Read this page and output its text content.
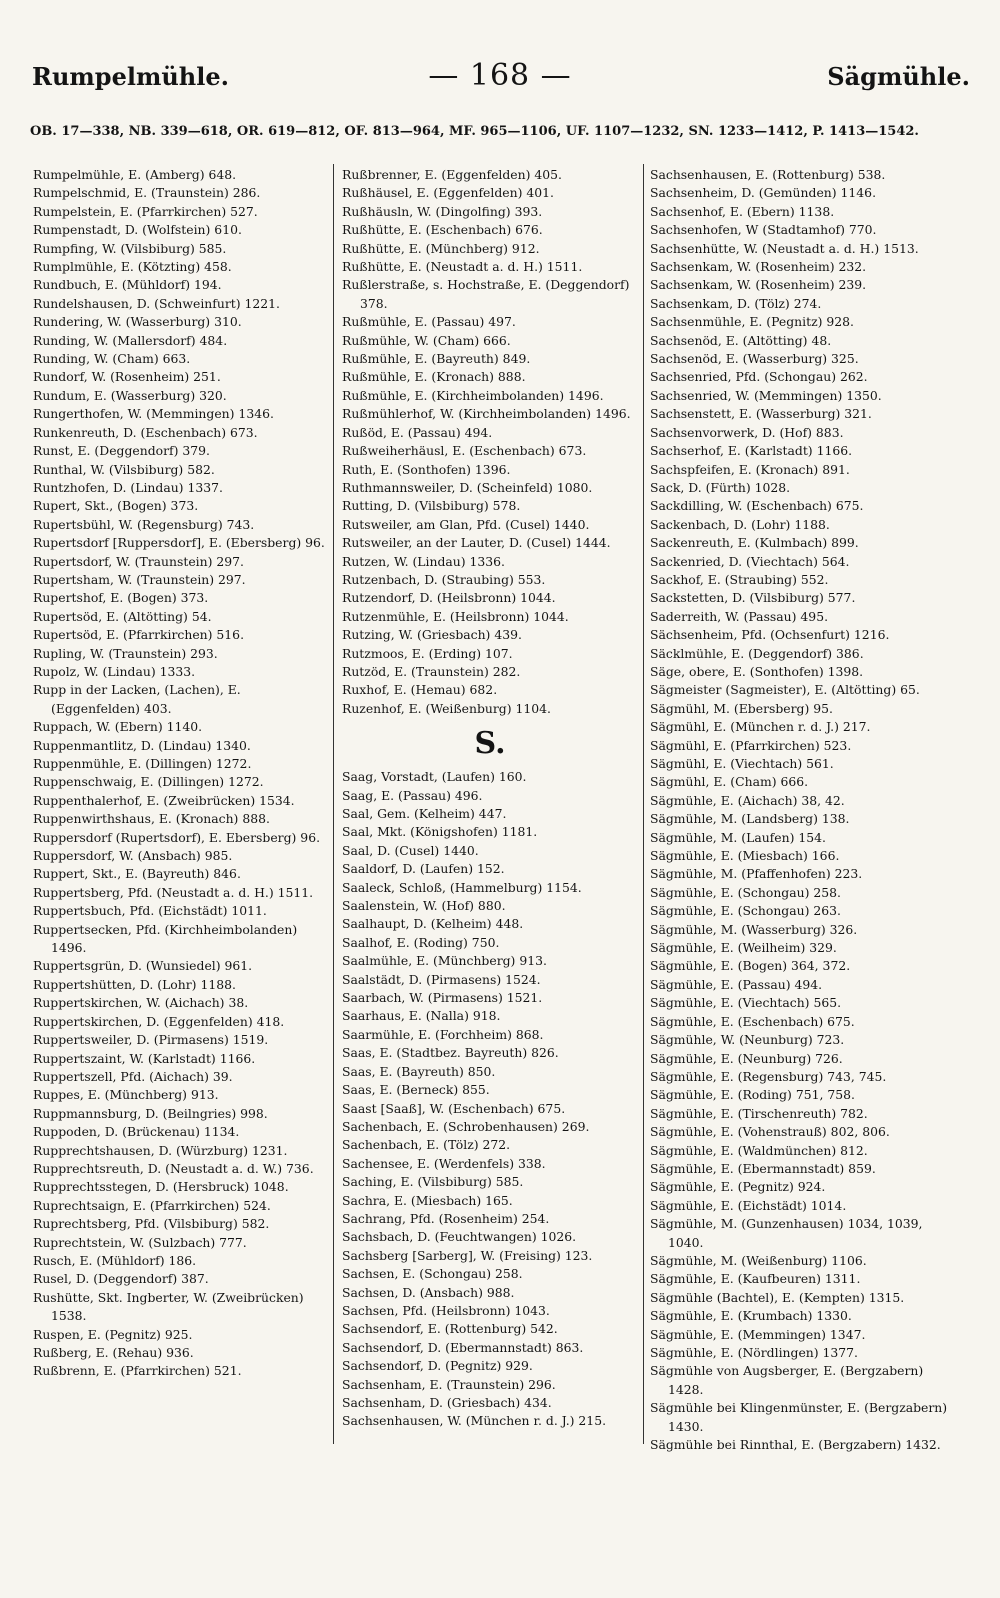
Rumpelmühle.	— 168 —	Sägmühle.
OB. 17—338, NB. 339—618, OR. 619—812, OF. 813—964, MF. 965—1106, UF. 1107—1232, SN. 1233—1412, P. 1413—1542.
Rumpelmühle, E. (Amberg) 648.
Rumpelschmid, E. (Traunstein) 286.
Rumpelstein, E. (Pfarrkirchen) 527.
Rumpenstadt, D. (Wolfstein) 610.
Rumpfing, W. (Vilsbiburg) 585.
Rumplmühle, E. (Kötzting) 458.
Rundbuch, E. (Mühldorf) 194.
Rundelshausen, D. (Schweinfurt) 1221.
Rundering, W. (Wasserburg) 310.
Runding, W. (Mallersdorf) 484.
Runding, W. (Cham) 663.
Rundorf, W. (Rosenheim) 251.
Rundum, E. (Wasserburg) 320.
Rungerthofen, W. (Memmingen) 1346.
Runkenreuth, D. (Eschenbach) 673.
Runst, E. (Deggendorf) 379.
Runthal, W. (Vilsbiburg) 582.
Runtzhofen, D. (Lindau) 1337.
Rupert, Skt., (Bogen) 373.
Rupertsbühl, W. (Regensburg) 743.
Rupertsdorf [Ruppersdorf], E. (Ebersberg) 96.
Rupertsdorf, W. (Traunstein) 297.
Rupertsham, W. (Traunstein) 297.
Rupertshof, E. (Bogen) 373.
Rupertsöd, E. (Altötting) 54.
Rupertsöd, E. (Pfarrkirchen) 516.
Rupling, W. (Traunstein) 293.
Rupolz, W. (Lindau) 1333.
Rupp in der Lacken, (Lachen), E. (Eggenfelden) 403.
Ruppach, W. (Ebern) 1140.
Ruppenmantlitz, D. (Lindau) 1340.
Ruppenmühle, E. (Dillingen) 1272.
Ruppenschwaig, E. (Dillingen) 1272.
Ruppenthalerhof, E. (Zweibrücken) 1534.
Ruppenwirthshaus, E. (Kronach) 888.
Ruppersdorf (Rupertsdorf), E. Ebersberg) 96.
Ruppersdorf, W. (Ansbach) 985.
Ruppert, Skt., E. (Bayreuth) 846.
Ruppertsberg, Pfd. (Neustadt a. d. H.) 1511.
Ruppertsbuch, Pfd. (Eichstädt) 1011.
Ruppertsecken, Pfd. (Kirchheimbolanden) 1496.
Ruppertsgrün, D. (Wunsiedel) 961.
Ruppertshütten, D. (Lohr) 1188.
Ruppertskirchen, W. (Aichach) 38.
Ruppertskirchen, D. (Eggenfelden) 418.
Ruppertsweiler, D. (Pirmasens) 1519.
Ruppertszaint, W. (Karlstadt) 1166.
Ruppertszell, Pfd. (Aichach) 39.
Ruppes, E. (Münchberg) 913.
Ruppmannsburg, D. (Beilngries) 998.
Ruppoden, D. (Brückenau) 1134.
Rupprechtshausen, D. (Würzburg) 1231.
Rupprechtsreuth, D. (Neustadt a. d. W.) 736.
Rupprechtsstegen, D. (Hersbruck) 1048.
Ruprechtsaign, E. (Pfarrkirchen) 524.
Ruprechtsberg, Pfd. (Vilsbiburg) 582.
Ruprechtstein, W. (Sulzbach) 777.
Rusch, E. (Mühldorf) 186.
Rusel, D. (Deggendorf) 387.
Rushütte, Skt. Ingberter, W. (Zweibrücken) 1538.
Ruspen, E. (Pegnitz) 925.
Rußberg, E. (Rehau) 936.
Rußbrenn, E. (Pfarrkirchen) 521.
Rußbrenner, E. (Eggenfelden) 405.
Rußhäusel, E. (Eggenfelden) 401.
Rußhäusln, W. (Dingolfing) 393.
Rußhütte, E. (Eschenbach) 676.
Rußhütte, E. (Münchberg) 912.
Rußhütte, E. (Neustadt a. d. H.) 1511.
Rußlerstraße, s. Hochstraße, E. (Deggendorf) 378.
Rußmühle, E. (Passau) 497.
Rußmühle, W. (Cham) 666.
Rußmühle, E. (Bayreuth) 849.
Rußmühle, E. (Kronach) 888.
Rußmühle, E. (Kirchheimbolanden) 1496.
Rußmühlerhof, W. (Kirchheimbolanden) 1496.
Rußöd, E. (Passau) 494.
Rußweiherhäusl, E. (Eschenbach) 673.
Ruth, E. (Sonthofen) 1396.
Ruthmannsweiler, D. (Scheinfeld) 1080.
Rutting, D. (Vilsbiburg) 578.
Rutsweiler, am Glan, Pfd. (Cusel) 1440.
Rutsweiler, an der Lauter, D. (Cusel) 1444.
Rutzen, W. (Lindau) 1336.
Rutzenbach, D. (Straubing) 553.
Rutzendorf, D. (Heilsbronn) 1044.
Rutzenmühle, E. (Heilsbronn) 1044.
Rutzing, W. (Griesbach) 439.
Rutzmoos, E. (Erding) 107.
Rutzöd, E. (Traunstein) 282.
Ruxhof, E. (Hemau) 682.
Ruzenhof, E. (Weißenburg) 1104.
S.
Saag, Vorstadt, (Laufen) 160.
Saag, E. (Passau) 496.
Saal, Gem. (Kelheim) 447.
Saal, Mkt. (Königshofen) 1181.
Saal, D. (Cusel) 1440.
Saaldorf, D. (Laufen) 152.
Saaleck, Schloß, (Hammelburg) 1154.
Saalenstein, W. (Hof) 880.
Saalhaupt, D. (Kelheim) 448.
Saalhof, E. (Roding) 750.
Saalmühle, E. (Münchberg) 913.
Saalstädt, D. (Pirmasens) 1524.
Saarbach, W. (Pirmasens) 1521.
Saarhaus, E. (Nalla) 918.
Saarmühle, E. (Forchheim) 868.
Saas, E. (Stadtbez. Bayreuth) 826.
Saas, E. (Bayreuth) 850.
Saas, E. (Berneck) 855.
Saast [Saaß], W. (Eschenbach) 675.
Sachenbach, E. (Schrobenhausen) 269.
Sachenbach, E. (Tölz) 272.
Sachensee, E. (Werdenfels) 338.
Saching, E. (Vilsbiburg) 585.
Sachra, E. (Miesbach) 165.
Sachrang, Pfd. (Rosenheim) 254.
Sachsbach, D. (Feuchtwangen) 1026.
Sachsberg [Sarberg], W. (Freising) 123.
Sachsen, E. (Schongau) 258.
Sachsen, D. (Ansbach) 988.
Sachsen, Pfd. (Heilsbronn) 1043.
Sachsendorf, E. (Rottenburg) 542.
Sachsendorf, D. (Ebermannstadt) 863.
Sachsendorf, D. (Pegnitz) 929.
Sachsenham, E. (Traunstein) 296.
Sachsenham, D. (Griesbach) 434.
Sachsenhausen, W. (München r. d. J.) 215.
Sachsenhausen, E. (Rottenburg) 538.
Sachsenheim, D. (Gemünden) 1146.
Sachsenhof, E. (Ebern) 1138.
Sachsenhofen, W (Stadtamhof) 770.
Sachsenhütte, W. (Neustadt a. d. H.) 1513.
Sachsenkam, W. (Rosenheim) 232.
Sachsenkam, W. (Rosenheim) 239.
Sachsenkam, D. (Tölz) 274.
Sachsenmühle, E. (Pegnitz) 928.
Sachsenöd, E. (Altötting) 48.
Sachsenöd, E. (Wasserburg) 325.
Sachsenried, Pfd. (Schongau) 262.
Sachsenried, W. (Memmingen) 1350.
Sachsenstett, E. (Wasserburg) 321.
Sachsenvorwerk, D. (Hof) 883.
Sachserhof, E. (Karlstadt) 1166.
Sachspfeifen, E. (Kronach) 891.
Sack, D. (Fürth) 1028.
Sackdilling, W. (Eschenbach) 675.
Sackenbach, D. (Lohr) 1188.
Sackenreuth, E. (Kulmbach) 899.
Sackenried, D. (Viechtach) 564.
Sackhof, E. (Straubing) 552.
Sackstetten, D. (Vilsbiburg) 577.
Saderreith, W. (Passau) 495.
Sächsenheim, Pfd. (Ochsenfurt) 1216.
Säcklmühle, E. (Deggendorf) 386.
Säge, obere, E. (Sonthofen) 1398.
Sägmeister (Sagmeister), E. (Altötting) 65.
Sägmühl, M. (Ebersberg) 95.
Sägmühl, E. (München r. d. J.) 217.
Sägmühl, E. (Pfarrkirchen) 523.
Sägmühl, E. (Viechtach) 561.
Sägmühl, E. (Cham) 666.
Sägmühle, E. (Aichach) 38, 42.
Sägmühle, M. (Landsberg) 138.
Sägmühle, M. (Laufen) 154.
Sägmühle, E. (Miesbach) 166.
Sägmühle, M. (Pfaffenhofen) 223.
Sägmühle, E. (Schongau) 258.
Sägmühle, E. (Schongau) 263.
Sägmühle, M. (Wasserburg) 326.
Sägmühle, E. (Weilheim) 329.
Sägmühle, E. (Bogen) 364, 372.
Sägmühle, E. (Passau) 494.
Sägmühle, E. (Viechtach) 565.
Sägmühle, E. (Eschenbach) 675.
Sägmühle, W. (Neunburg) 723.
Sägmühle, E. (Neunburg) 726.
Sägmühle, E. (Regensburg) 743, 745.
Sägmühle, E. (Roding) 751, 758.
Sägmühle, E. (Tirschenreuth) 782.
Sägmühle, E. (Vohenstrauß) 802, 806.
Sägmühle, E. (Waldmünchen) 812.
Sägmühle, E. (Ebermannstadt) 859.
Sägmühle, E. (Pegnitz) 924.
Sägmühle, E. (Eichstädt) 1014.
Sägmühle, M. (Gunzenhausen) 1034, 1039, 1040.
Sägmühle, M. (Weißenburg) 1106.
Sägmühle, E. (Kaufbeuren) 1311.
Sägmühle (Bachtel), E. (Kempten) 1315.
Sägmühle, E. (Krumbach) 1330.
Sägmühle, E. (Memmingen) 1347.
Sägmühle, E. (Nördlingen) 1377.
Sägmühle von Augsberger, E. (Bergzabern) 1428.
Sägmühle bei Klingenmünster, E. (Bergzabern) 1430.
Sägmühle bei Rinnthal, E. (Bergzabern) 1432.
